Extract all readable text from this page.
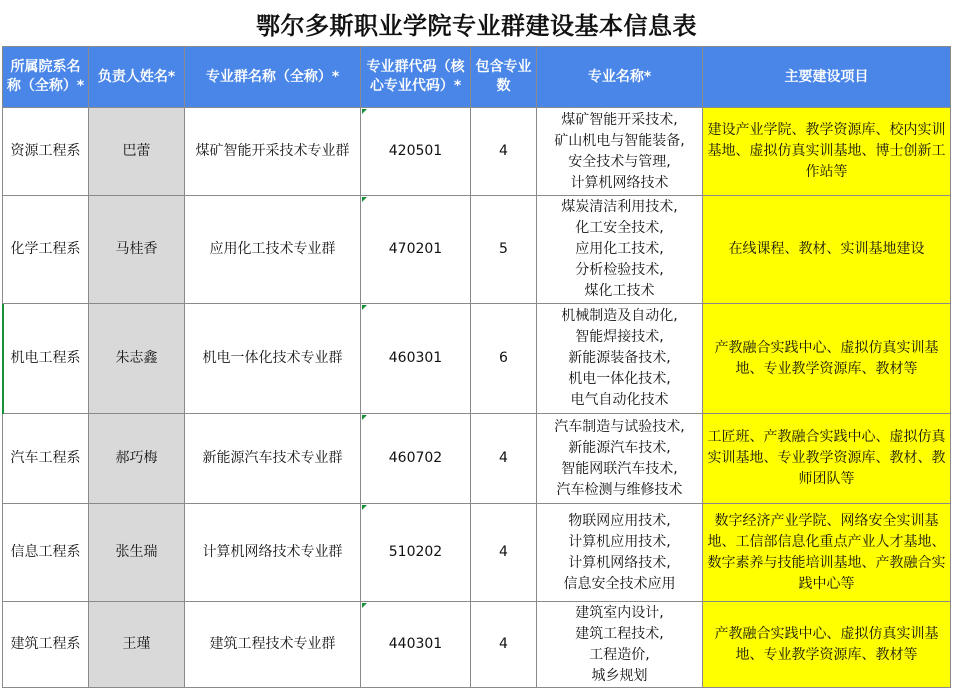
鄂尔多斯职业学院专业群建设基本信息表
所属院系名称（全称）*	负责人姓名*	专业群名称（全称）*	专业群代码（核心专业代码）*	包含专业数	专业名称*	主要建设项目
资源工程系	巴蕾	煤矿智能开采技术专业群	420501	4	煤矿智能开采技术,
矿山机电与智能装备,
安全技术与管理,
计算机网络技术	建设产业学院、教学资源库、校内实训基地、虚拟仿真实训基地、博士创新工作站等
化学工程系	马桂香	应用化工技术专业群	470201	5	煤炭清洁利用技术,
化工安全技术,
应用化工技术,
分析检验技术,
煤化工技术	在线课程、教材、实训基地建设
机电工程系	朱志鑫	机电一体化技术专业群	460301	6	机械制造及自动化,
智能焊接技术,
新能源装备技术,
机电一体化技术,
电气自动化技术	产教融合实践中心、虚拟仿真实训基地、专业教学资源库、教材等
汽车工程系	郝巧梅	新能源汽车技术专业群	460702	4	汽车制造与试验技术,
新能源汽车技术,
智能网联汽车技术,
汽车检测与维修技术	工匠班、产教融合实践中心、虚拟仿真实训基地、专业教学资源库、教材、教师团队等
信息工程系	张生瑞	计算机网络技术专业群	510202	4	物联网应用技术,
计算机应用技术,
计算机网络技术,
信息安全技术应用	数字经济产业学院、网络安全实训基地、工信部信息化重点产业人才基地、数字素养与技能培训基地、产教融合实践中心等
建筑工程系	王瑾	建筑工程技术专业群	440301	4	建筑室内设计,
建筑工程技术,
工程造价,
城乡规划	产教融合实践中心、虚拟仿真实训基地、专业教学资源库、教材等
